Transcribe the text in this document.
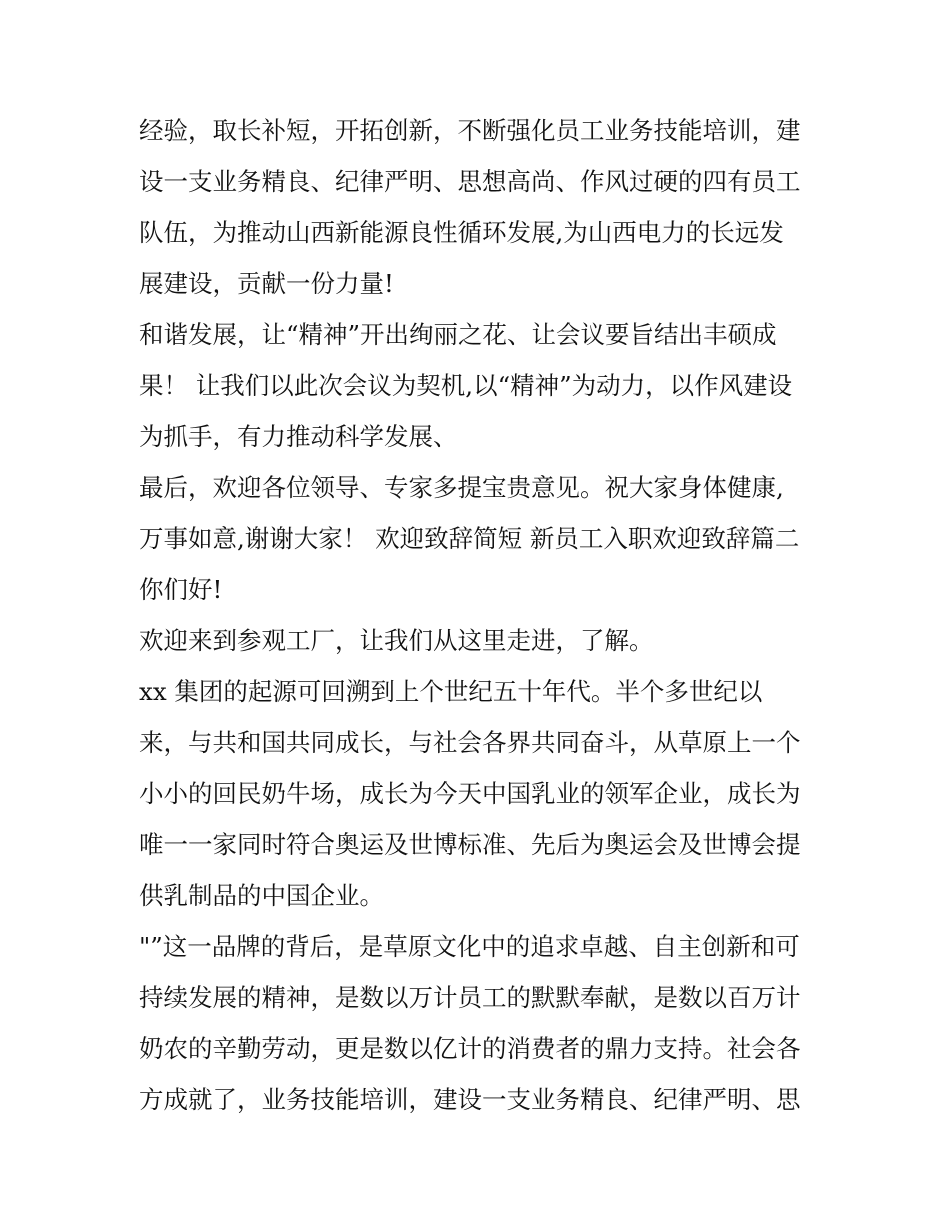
经验，取长补短，开拓创新，不断强化员工业务技能培训，建
设一支业务精良、纪律严明、思想高尚、作风过硬的四有员工
队伍，为推动山西新能源良性循环发展,为山西电力的长远发
展建设，贡献一份力量!
和谐发展，让“精神”开出绚丽之花、让会议要旨结出丰硕成
果！ 让我们以此次会议为契机,以“精神”为动力，以作风建设
为抓手，有力推动科学发展、
最后，欢迎各位领导、专家多提宝贵意见。祝大家身体健康,
万事如意,谢谢大家！ 欢迎致辞简短 新员工入职欢迎致辞篇二
你们好!
欢迎来到参观工厂，让我们从这里走进，了解。
xx 集团的起源可回溯到上个世纪五十年代。半个多世纪以
来，与共和国共同成长，与社会各界共同奋斗，从草原上一个
小小的回民奶牛场，成长为今天中国乳业的领军企业，成长为
唯一一家同时符合奥运及世博标准、先后为奥运会及世博会提
供乳制品的中国企业。
"”这一品牌的背后，是草原文化中的追求卓越、自主创新和可
持续发展的精神，是数以万计员工的默默奉献，是数以百万计
奶农的辛勤劳动，更是数以亿计的消费者的鼎力支持。社会各
方成就了，业务技能培训，建设一支业务精良、纪律严明、思
